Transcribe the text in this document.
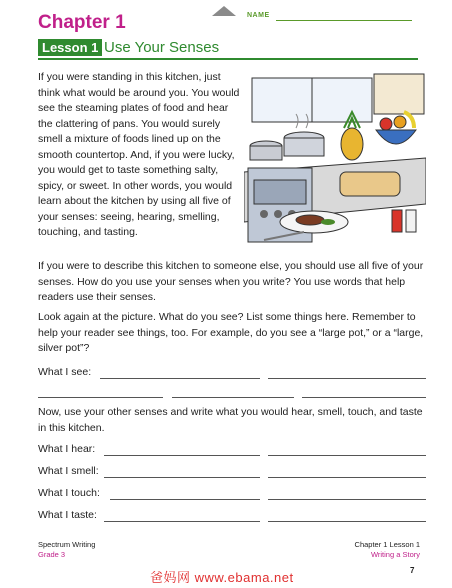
NAME
Chapter 1
Lesson 1 Use Your Senses
If you were standing in this kitchen, just think what would be around you. You would see the steaming plates of food and hear the clattering of pans. You would surely smell a mixture of foods lined up on the smooth countertop. And, if you were lucky, you would get to taste something salty, spicy, or sweet. In other words, you would learn about the kitchen by using all five of your senses: seeing, hearing, smelling, touching, and tasting.
If you were to describe this kitchen to someone else, you should use all five of your senses. How do you use your senses when you write? You use words that help readers use their senses.
Look again at the picture. What do you see? List some things here. Remember to help your reader see things, too. For example, do you see a “large pot,” or a “large, silver pot”?
What I see:
Now, use your other senses and write what you would hear, smell, touch, and taste in this kitchen.
What I hear:
What I smell:
What I touch:
What I taste:
Spectrum Writing
Grade 3
Chapter 1 Lesson 1
Writing a Story
7
爸妈网 www.ebama.net
